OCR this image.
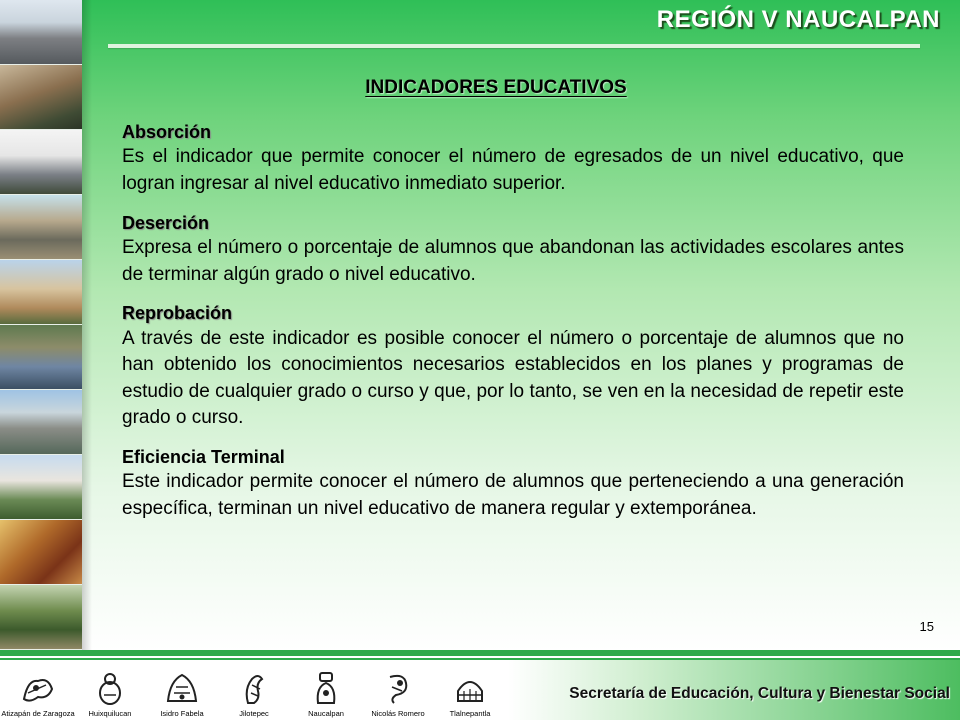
REGIÓN V NAUCALPAN
INDICADORES EDUCATIVOS
Absorción

Es el indicador que permite conocer el número de egresados de un nivel educativo, que logran ingresar al nivel educativo inmediato superior.

Deserción

Expresa el número o porcentaje de alumnos que abandonan las actividades escolares antes de terminar algún grado o nivel educativo.

Reprobación

A través de este indicador es posible conocer el número o porcentaje de alumnos que no han obtenido los conocimientos necesarios establecidos en los planes y programas de estudio de cualquier grado o curso y que, por lo tanto, se ven en la necesidad de repetir este grado o curso.

Eficiencia Terminal

Este indicador permite conocer el número de alumnos que perteneciendo a una generación específica, terminan un nivel educativo de manera regular y extemporánea.

15
Atizapán de Zaragoza Huixquilucan	Isidro Fabela	Jilotepec	Naucalpan	Nicolás Romero	Tlalnepantla
Secretaría de Educación, Cultura y Bienestar Social
